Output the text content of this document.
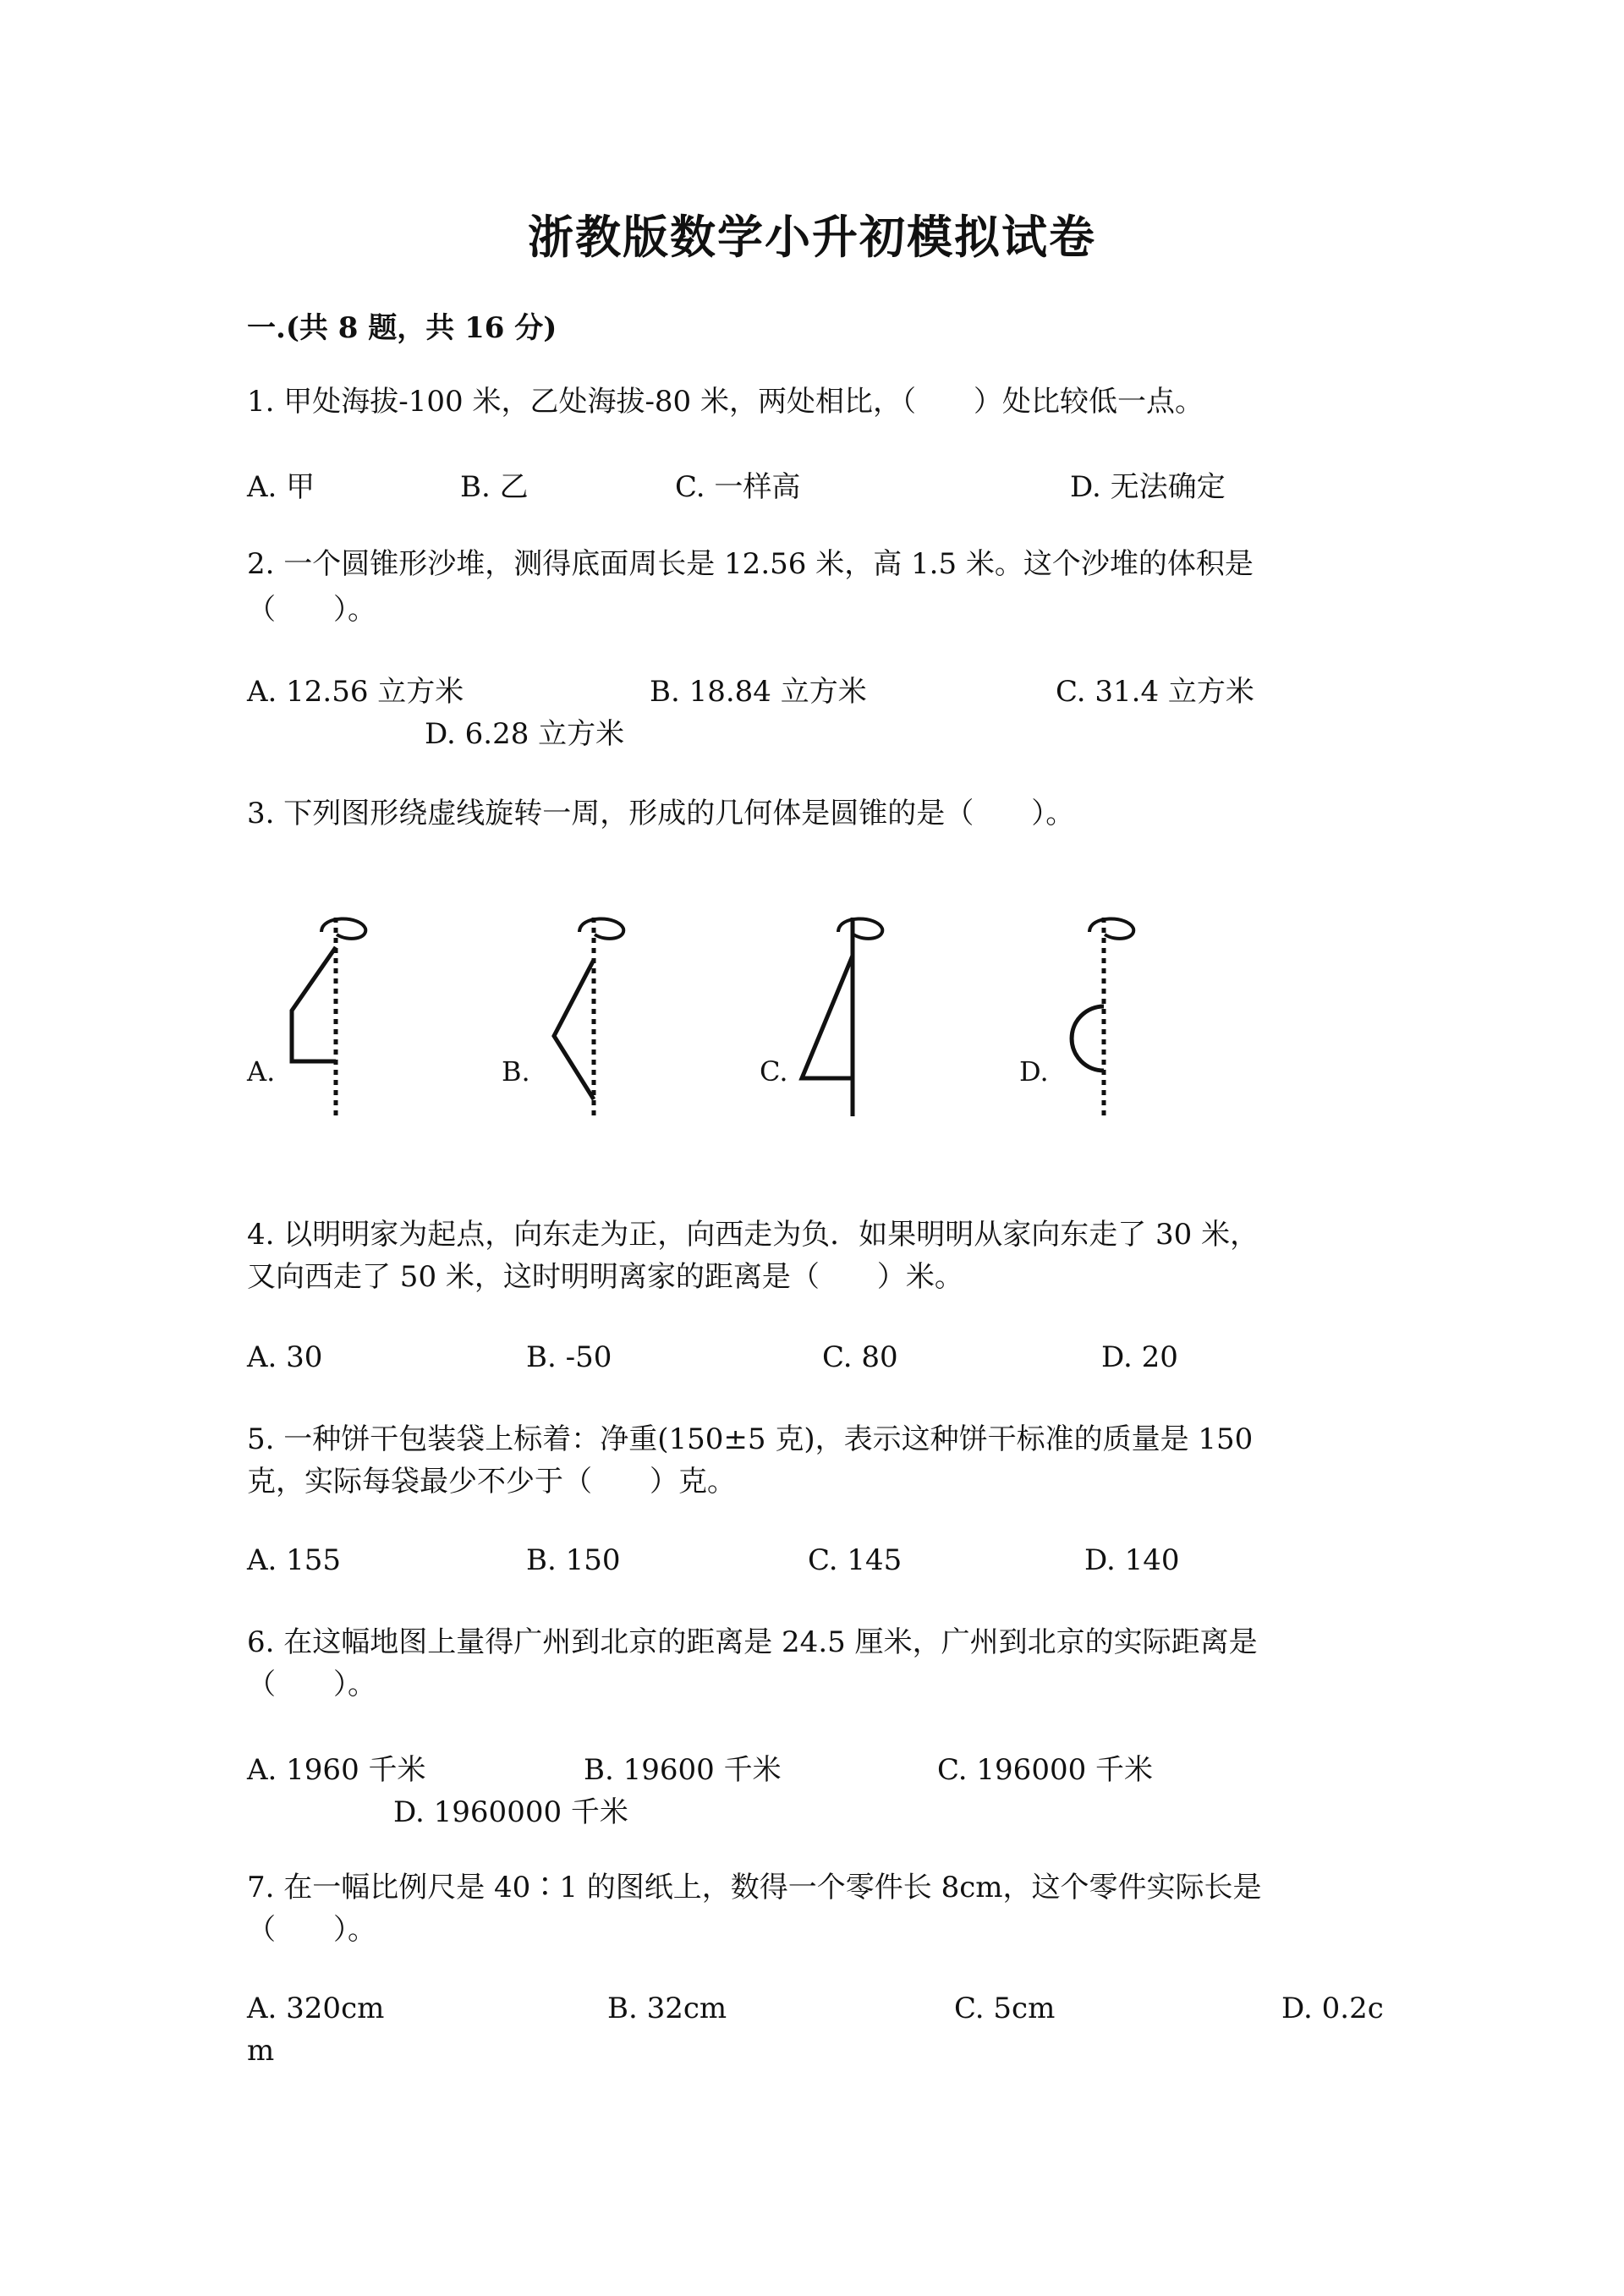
浙教版数学小升初模拟试卷
一.(共 8 题，共 16 分)
1. 甲处海拔-100 米，乙处海拔-80 米，两处相比，（　　）处比较低一点。
A. 甲	B. 乙	C. 一样高	D. 无法确定
2. 一个圆锥形沙堆，测得底面周长是 12.56 米，高 1.5 米。这个沙堆的体积是
（　　）。
A. 12.56 立方米	B. 18.84 立方米	C. 31.4 立方米
D. 6.28 立方米
3. 下列图形绕虚线旋转一周，形成的几何体是圆锥的是（　　）。
A.	B.	C.	D.
4. 以明明家为起点，向东走为正，向西走为负．如果明明从家向东走了 30 米，
又向西走了 50 米，这时明明离家的距离是（　　）米。
A. 30	B. -50	C. 80	D. 20
5. 一种饼干包装袋上标着：净重(150±5 克)，表示这种饼干标准的质量是 150
克，实际每袋最少不少于（　　）克。
A. 155	B. 150	C. 145	D. 140
6. 在这幅地图上量得广州到北京的距离是 24.5 厘米，广州到北京的实际距离是
（　　）。
A. 1960 千米	B. 19600 千米	C. 196000 千米
D. 1960000 千米
7. 在一幅比例尺是 40∶1 的图纸上，数得一个零件长 8cm，这个零件实际长是
（　　）。
A. 320cm	B. 32cm	C. 5cm	D. 0.2c
m
